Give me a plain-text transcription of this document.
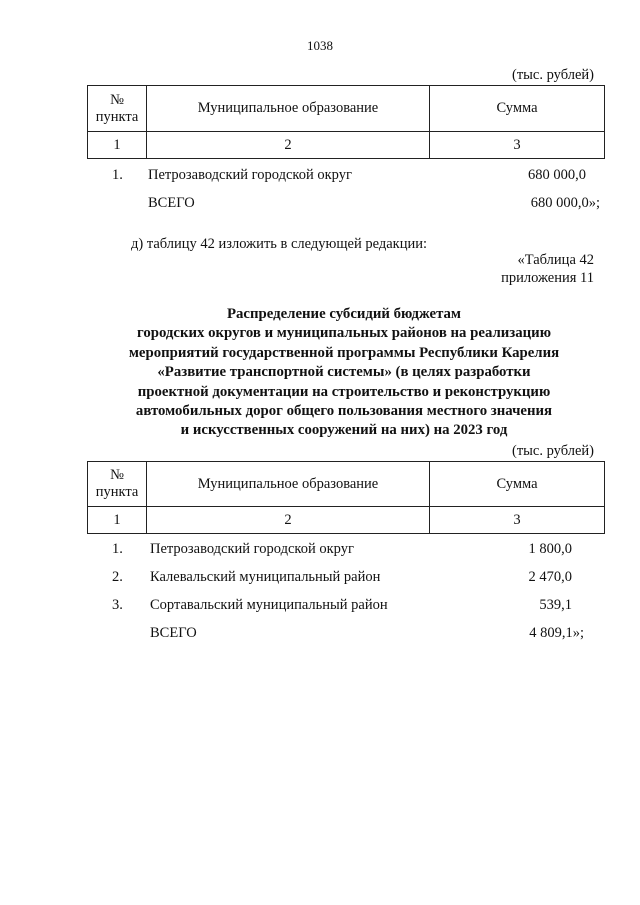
1038
(тыс. рублей)
№
пункта	Муниципальное образование	Сумма
1	2	3
1. Петрозаводский городской округ	680 000,0
ВСЕГО	680 000,0»;
д) таблицу 42 изложить в следующей редакции:
«Таблица 42
приложения 11
Распределение субсидий бюджетам
городских округов и муниципальных районов на реализацию
мероприятий государственной программы Республики Карелия
«Развитие транспортной системы» (в целях разработки
проектной документации на строительство и реконструкцию
автомобильных дорог общего пользования местного значения
и искусственных сооружений на них) на 2023 год
(тыс. рублей)
№
пункта	Муниципальное образование	Сумма
1	2	3
1. Петрозаводский городской округ	1 800,0
2. Калевальский муниципальный район	2 470,0
3. Сортавальский муниципальный район	539,1
ВСЕГО	4 809,1»;
